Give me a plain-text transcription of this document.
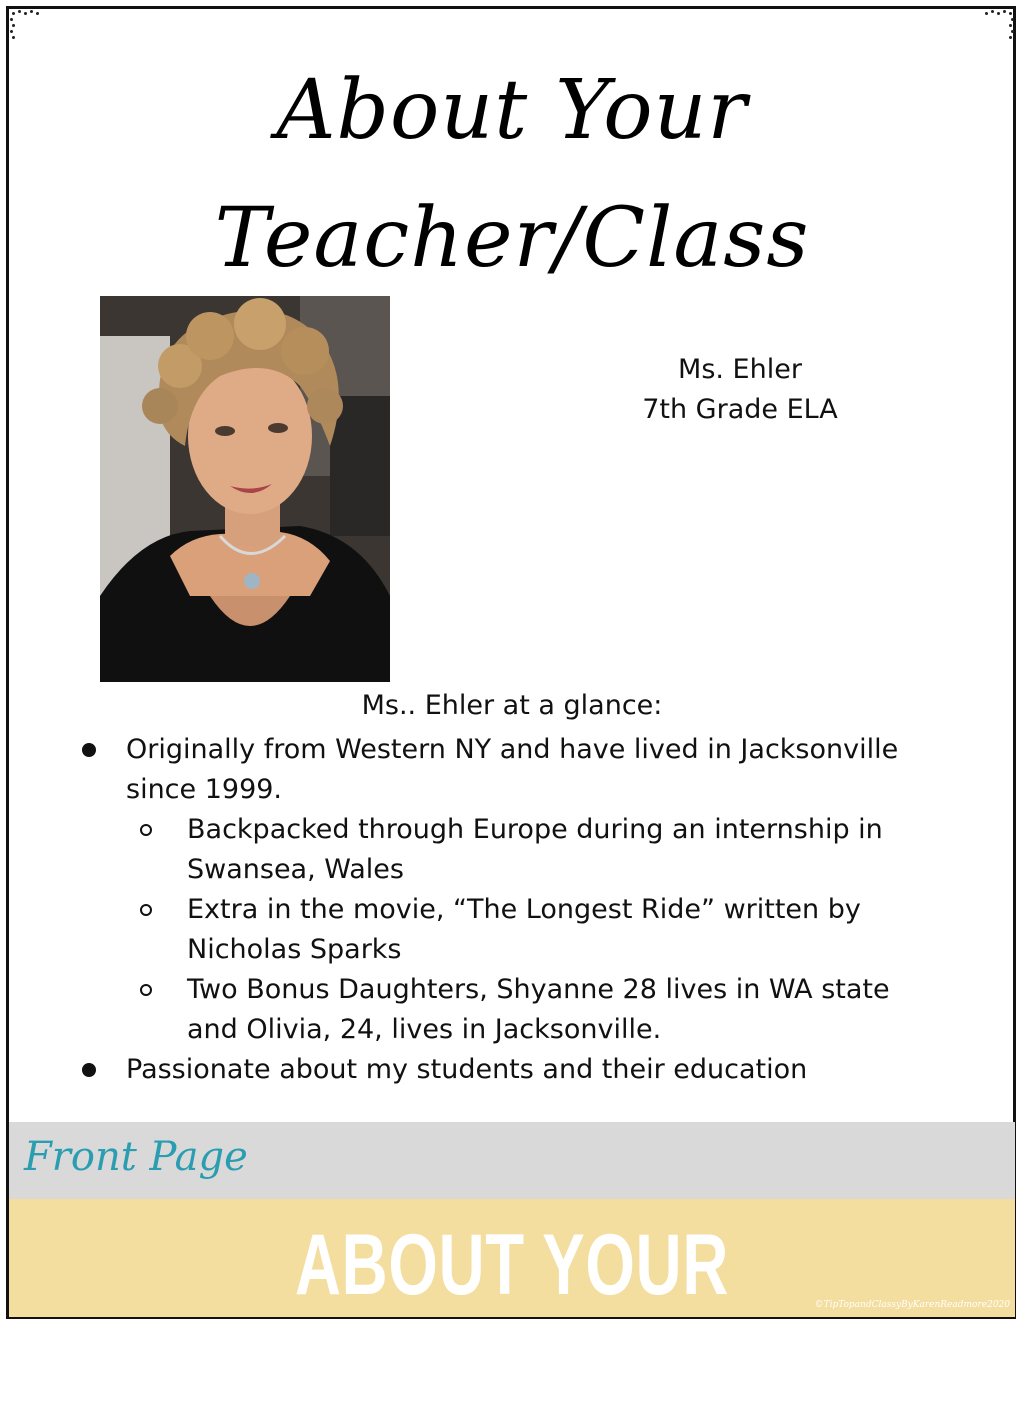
About Your
Teacher/Class
Ms. Ehler
7th Grade ELA
Ms.. Ehler at a glance:
Originally from Western NY and have lived in Jacksonville
since 1999.
Backpacked through Europe during an internship in
Swansea, Wales
Extra in the movie, “The Longest Ride” written by
Nicholas Sparks
Two Bonus Daughters, Shyanne 28 lives in WA state
and Olivia, 24, lives in Jacksonville.
Passionate about my students and their education
Front Page
ABOUT YOUR TEACHER
©TipTopandClassyByKarenReadmore2020
